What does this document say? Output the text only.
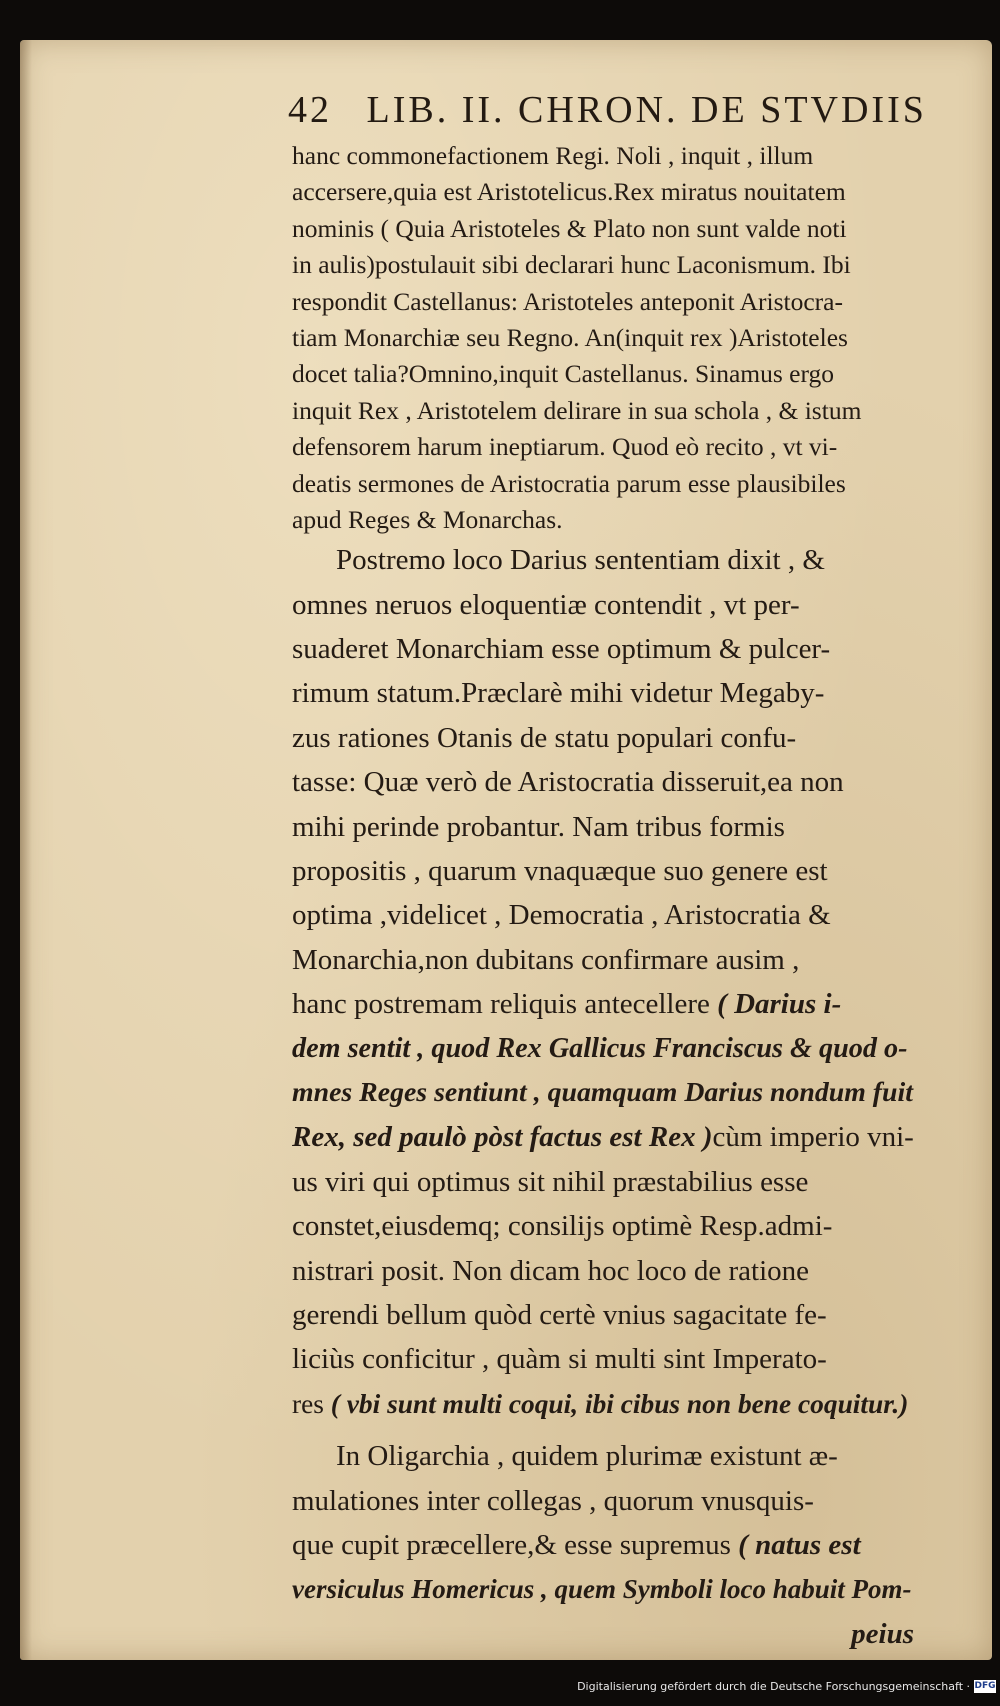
42 LIB. II. CHRON. DE STVDIIS
hanc commonefactionem Regi. Noli , inquit , illum
accersere,quia est Aristotelicus.Rex miratus nouitatem
nominis ( Quia Aristoteles & Plato non sunt valde noti
in aulis)postulauit sibi declarari hunc Laconismum. Ibi
respondit Castellanus: Aristoteles anteponit Aristocra-
tiam Monarchiæ seu Regno. An(inquit rex )Aristoteles
docet talia?Omnino,inquit Castellanus. Sinamus ergo
inquit Rex , Aristotelem delirare in sua schola , & istum
defensorem harum ineptiarum. Quod eò recito , vt vi-
deatis sermones de Aristocratia parum esse plausibiles
apud Reges & Monarchas.
Postremo loco Darius sententiam dixit , &
omnes neruos eloquentiæ contendit , vt per-
suaderet Monarchiam esse optimum & pulcer-
rimum statum.Præclarè mihi videtur Megaby-
zus rationes Otanis de statu populari confu-
tasse: Quæ verò de Aristocratia disseruit,ea non
mihi perinde probantur. Nam tribus formis
propositis , quarum vnaquæque suo genere est
optima ,videlicet , Democratia , Aristocratia &
Monarchia,non dubitans confirmare ausim ,
hanc postremam reliquis antecellere ( Darius i-
dem sentit , quod Rex Gallicus Franciscus & quod o-
mnes Reges sentiunt , quamquam Darius nondum fuit
Rex, sed paulò pòst factus est Rex )cùm imperio vni-
us viri qui optimus sit nihil præstabilius esse
constet,eiusdemq; consilijs optimè Resp.admi-
nistrari posit. Non dicam hoc loco de ratione
gerendi bellum quòd certè vnius sagacitate fe-
liciùs conficitur , quàm si multi sint Imperato-
res ( vbi sunt multi coqui, ibi cibus non bene coquitur.)
In Oligarchia , quidem plurimæ existunt æ-
mulationes inter collegas , quorum vnusquis-
que cupit præcellere,& esse supremus ( natus est
versiculus Homericus , quem Symboli loco habuit Pom-
peius
Digitalisierung gefördert durch die Deutsche Forschungsgemeinschaft · DFG
